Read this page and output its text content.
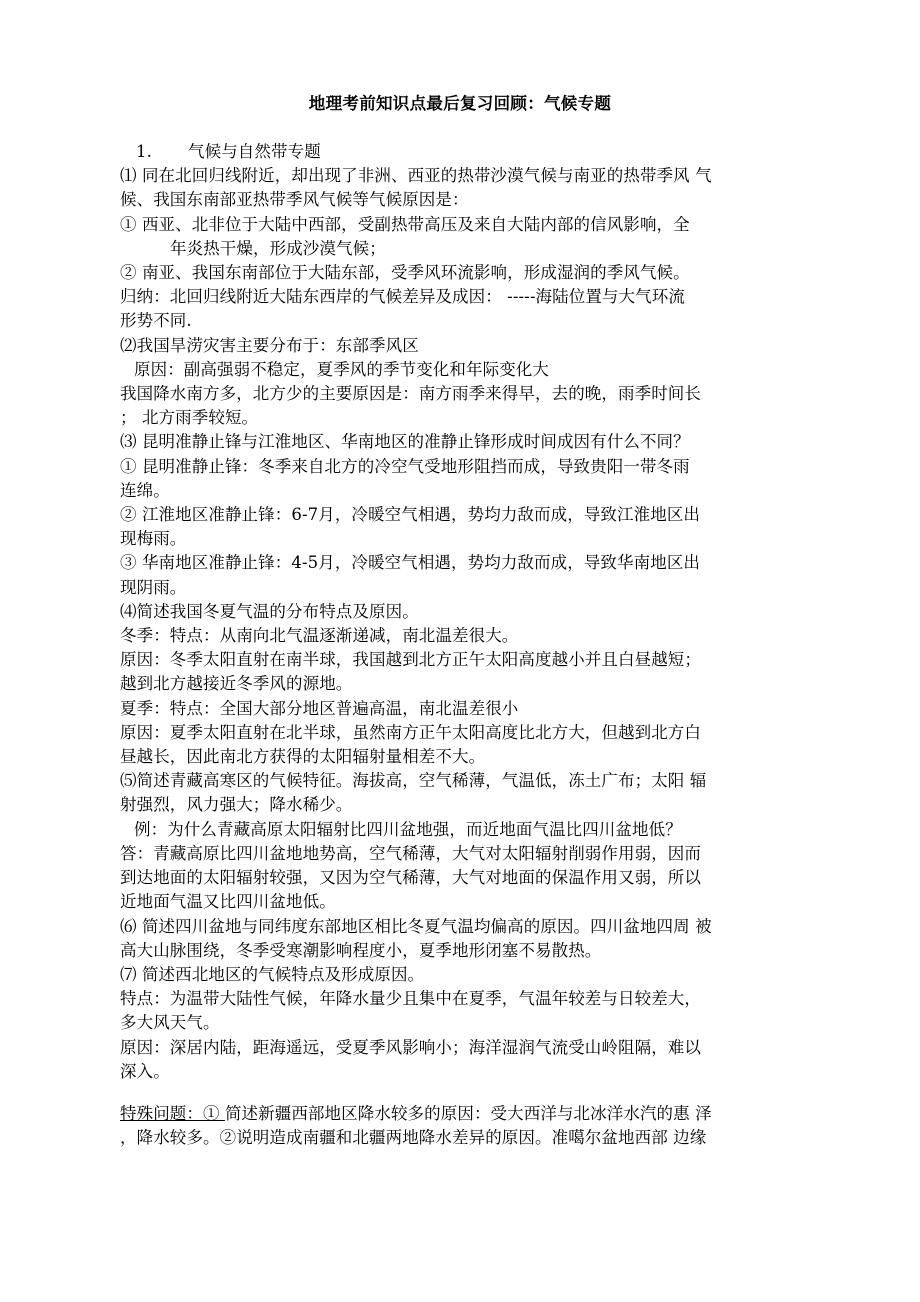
地理考前知识点最后复习回顾：气候专题
1. 气候与自然带专题
⑴ 同在北回归线附近，却出现了非洲、西亚的热带沙漠气候与南亚的热带季风 气
候、我国东南部亚热带季风气候等气候原因是：
① 西亚、北非位于大陆中西部，受副热带高压及来自大陆内部的信风影响，全
年炎热干燥，形成沙漠气候；
② 南亚、我国东南部位于大陆东部，受季风环流影响，形成湿润的季风气候。
归纳：北回归线附近大陆东西岸的气候差异及成因： -----海陆位置与大气环流
形势不同.
⑵我国旱涝灾害主要分布于：东部季风区
原因：副高强弱不稳定，夏季风的季节变化和年际变化大
我国降水南方多，北方少的主要原因是：南方雨季来得早，去的晚，雨季时间长
； 北方雨季较短。
⑶ 昆明准静止锋与江淮地区、华南地区的准静止锋形成时间成因有什么不同？
① 昆明准静止锋：冬季来自北方的冷空气受地形阻挡而成，导致贵阳一带冬雨
连绵。
② 江淮地区准静止锋：6-7月，冷暖空气相遇，势均力敌而成，导致江淮地区出
现梅雨。
③ 华南地区准静止锋：4-5月，冷暖空气相遇，势均力敌而成，导致华南地区出
现阴雨。
⑷简述我国冬夏气温的分布特点及原因。
冬季：特点：从南向北气温逐渐递减，南北温差很大。
原因：冬季太阳直射在南半球，我国越到北方正午太阳高度越小并且白昼越短；
越到北方越接近冬季风的源地。
夏季：特点：全国大部分地区普遍高温，南北温差很小
原因：夏季太阳直射在北半球，虽然南方正午太阳高度比北方大，但越到北方白
昼越长，因此南北方获得的太阳辐射量相差不大。
⑸简述青藏高寒区的气候特征。海拔高，空气稀薄，气温低，冻土广布；太阳 辐
射强烈，风力强大；降水稀少。
例：为什么青藏高原太阳辐射比四川盆地强，而近地面气温比四川盆地低？
答：青藏高原比四川盆地地势高，空气稀薄，大气对太阳辐射削弱作用弱，因而
到达地面的太阳辐射较强，又因为空气稀薄，大气对地面的保温作用又弱，所以
近地面气温又比四川盆地低。
⑹ 简述四川盆地与同纬度东部地区相比冬夏气温均偏高的原因。四川盆地四周 被
高大山脉围绕，冬季受寒潮影响程度小，夏季地形闭塞不易散热。
⑺ 简述西北地区的气候特点及形成原因。
特点：为温带大陆性气候，年降水量少且集中在夏季，气温年较差与日较差大，
多大风天气。
原因：深居内陆，距海遥远，受夏季风影响小；海洋湿润气流受山岭阻隔，难以
深入。
特殊问题：① 简述新疆西部地区降水较多的原因：受大西洋与北冰洋水汽的惠 泽
，降水较多。②说明造成南疆和北疆两地降水差异的原因。准噶尔盆地西部 边缘
